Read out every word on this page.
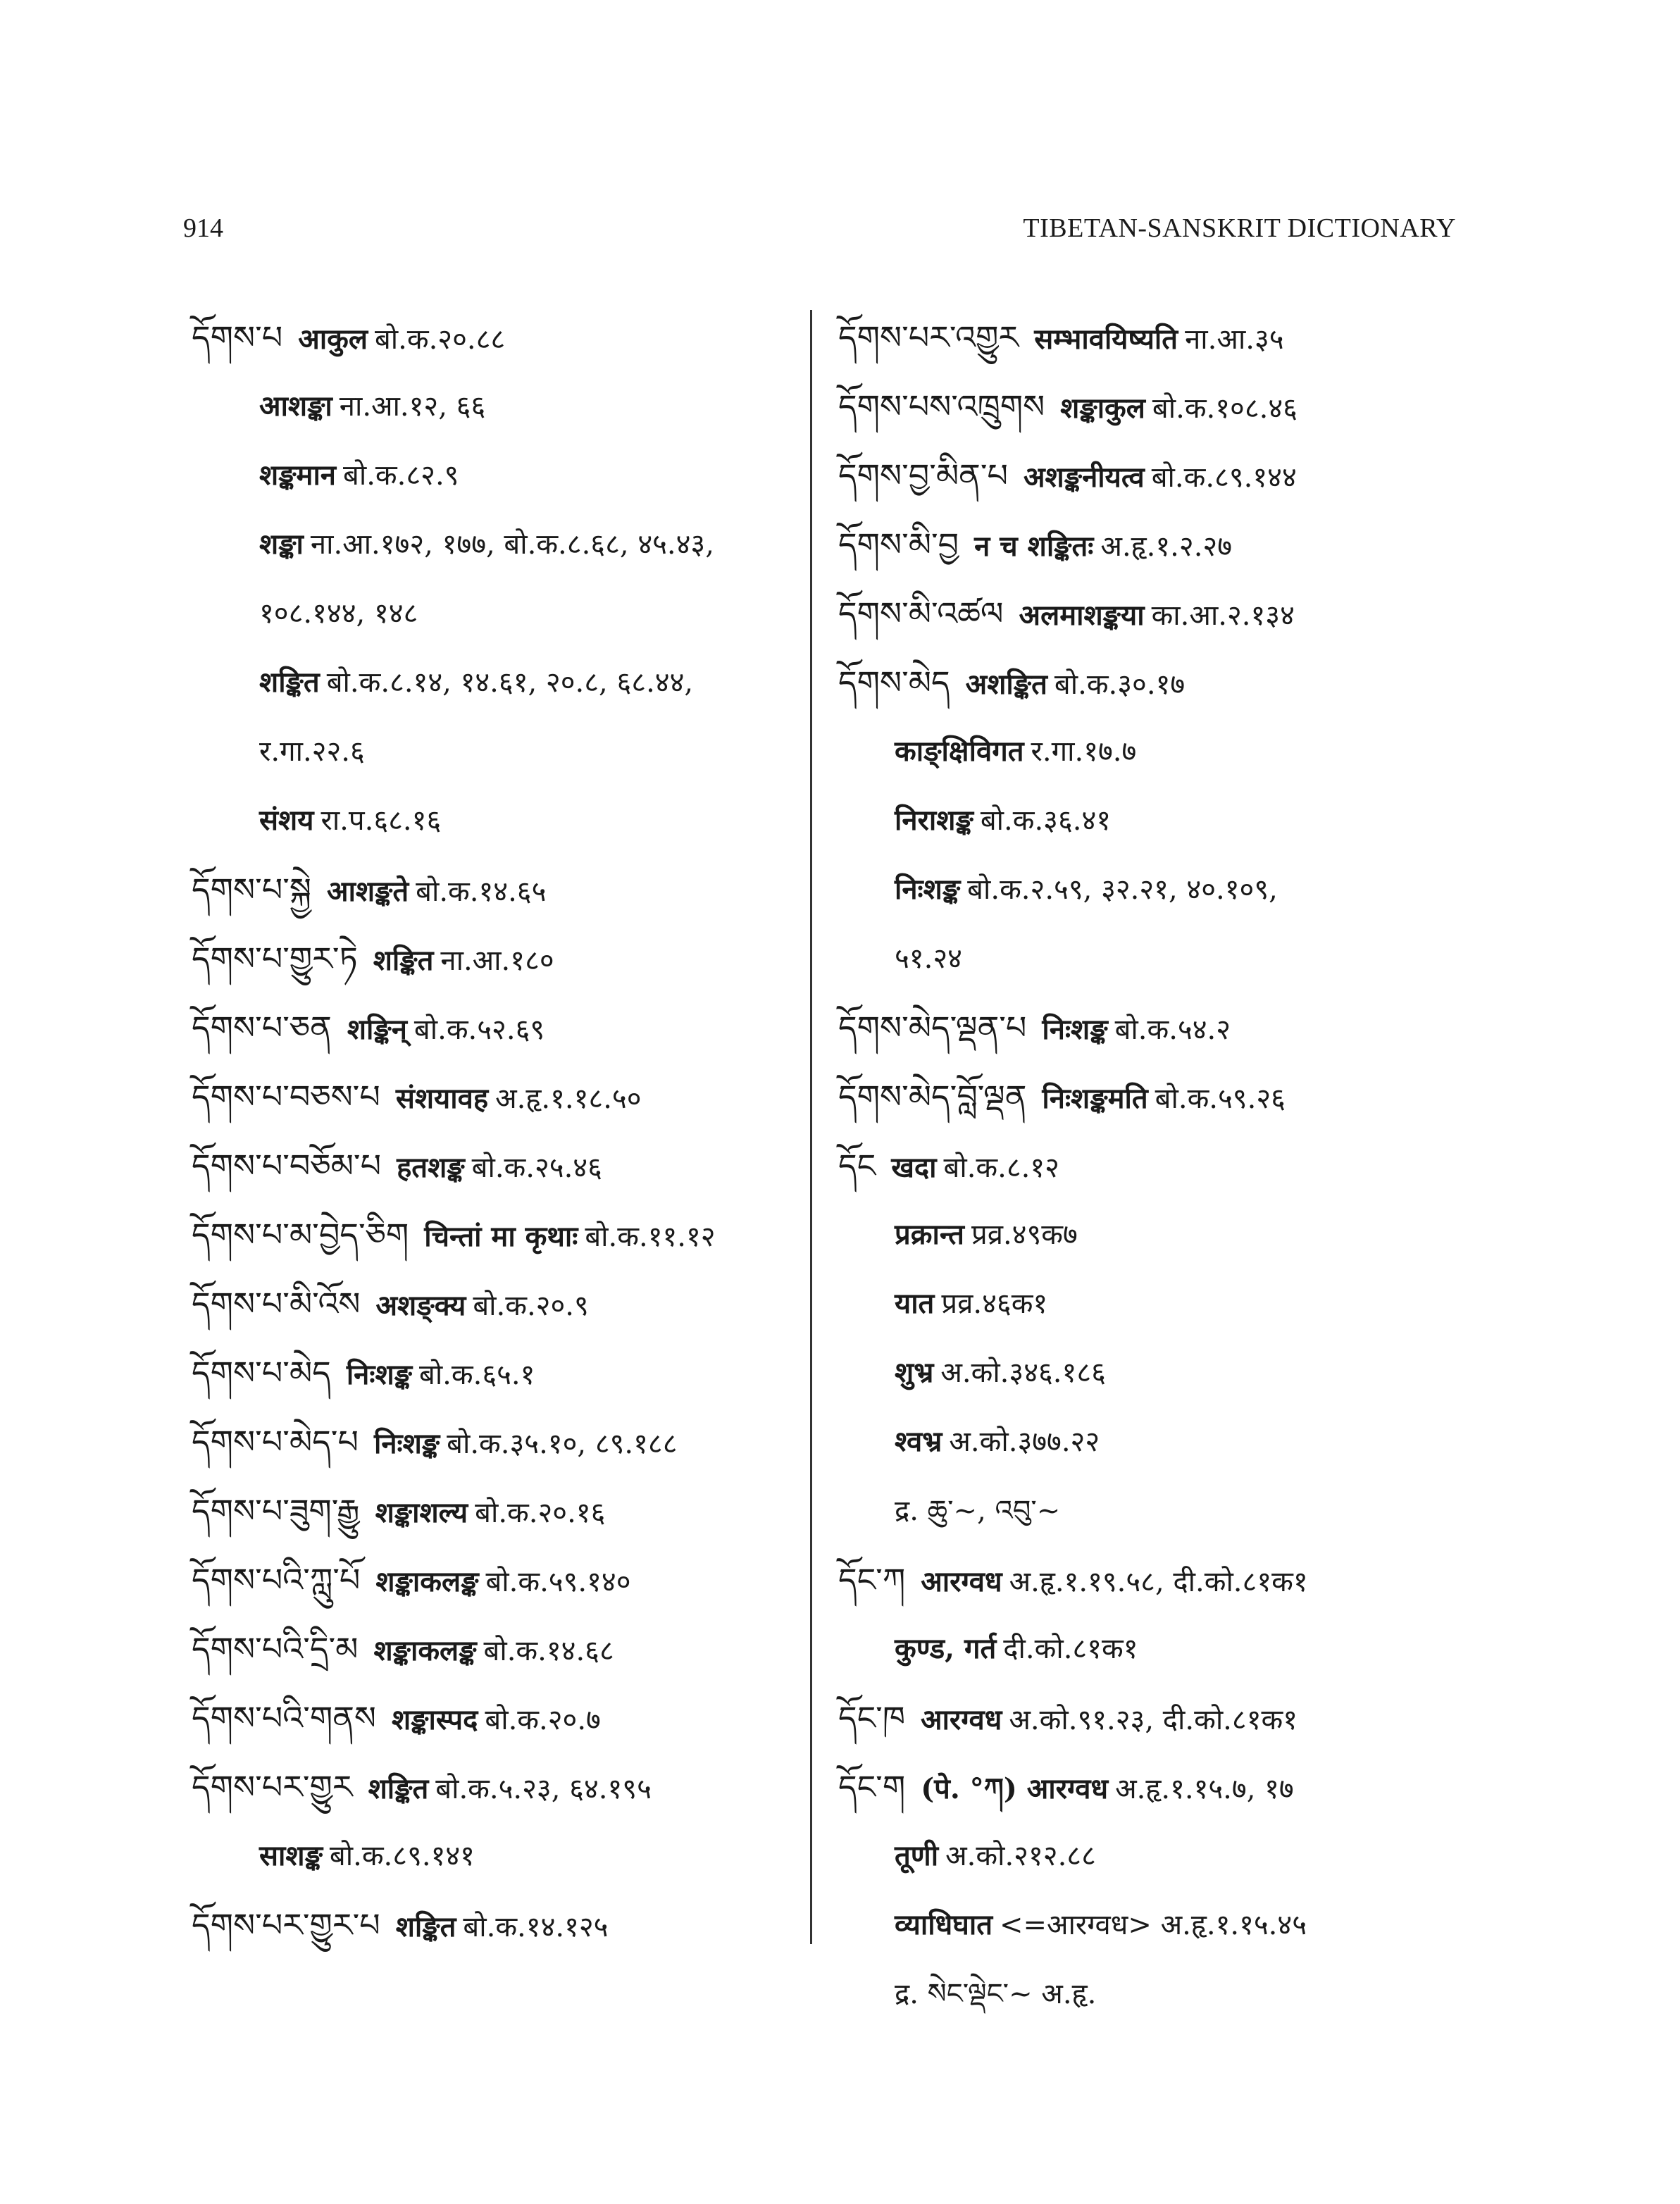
914	TIBETAN-SANSKRIT DICTIONARY
དོགས་པ आकुल बो.क.२०.८८
आशङ्का ना.आ.१२, ६६
शङ्कमान बो.क.८२.९
शङ्का ना.आ.१७२, १७७, बो.क.८.६८, ४५.४३,
१०८.१४४, १४८
शङ्कित बो.क.८.१४, १४.६१, २०.८, ६८.४४,
र.गा.२२.६
संशय रा.प.६८.१६
དོགས་པ་སྐྱེ आशङ्कते बो.क.१४.६५
དོགས་པ་གྱུར་ཏེ शङ्कित ना.आ.१८०
དོགས་པ་ཅན शङ्किन् बो.क.५२.६९
དོགས་པ་བཅས་པ संशयावह अ.हृ.१.१८.५०
དོགས་པ་བཅོམ་པ हतशङ्क बो.क.२५.४६
དོགས་པ་མ་བྱེད་ཅིག चिन्तां मा कृथाः बो.क.११.१२
དོགས་པ་མི་འོས अशङ्क्य बो.क.२०.९
དོགས་པ་མེད निःशङ्क बो.क.६५.१
དོགས་པ་མེད་པ निःशङ्क बो.क.३५.१०, ८९.१८८
དོགས་པ་ཟུག་རྒྱུ शङ्काशल्य बो.क.२०.१६
དོགས་པའི་ཀླུ་པོ शङ्काकलङ्क बो.क.५९.१४०
དོགས་པའི་དྲི་མ शङ्काकलङ्क बो.क.१४.६८
དོགས་པའི་གནས शङ्कास्पद बो.क.२०.७
དོགས་པར་གྱུར शङ्कित बो.क.५.२३, ६४.१९५
साशङ्क बो.क.८९.१४१
དོགས་པར་གྱུར་པ शङ्कित बो.क.१४.१२५
དོགས་པར་འགྱུར सम्भावयिष्यति ना.आ.३५
དོགས་པས་འཁྲུགས शङ्काकुल बो.क.१०८.४६
དོགས་བྱ་མིན་པ अशङ्कनीयत्व बो.क.८९.१४४
དོགས་མི་བྱ न च शङ्कितः अ.हृ.१.२.२७
དོགས་མི་འཚལ अलमाशङ्कया का.आ.२.१३४
དོགས་མེད अशङ्कित बो.क.३०.१७
काङ्क्षिविगत र.गा.१७.७
निराशङ्क बो.क.३६.४१
निःशङ्क बो.क.२.५९, ३२.२१, ४०.१०९,
५१.२४
དོགས་མེད་ལྡན་པ निःशङ्क बो.क.५४.२
དོགས་མེད་བློ་ལྡན निःशङ्कमति बो.क.५९.२६
དོང खदा बो.क.८.१२
प्रक्रान्त प्रव्र.४९क७
यात प्रव्र.४६क१
शुभ्र अ.को.३४६.१८६
श्वभ्र अ.को.३७७.२२
द्र. ཆུ་~, འབུ་~
དོང་ཀ आरग्वध अ.हृ.१.१९.५८, दी.को.८१क१
कुण्ड, गर्त दी.को.८१क१
དོང་ཁ आरग्वध अ.को.९१.२३, दी.को.८१क१
དོང་ག (पे. °ཀ) आरग्वध अ.हृ.१.१५.७, १७
तूणी अ.को.२१२.८८
व्याधिघात <=आरग्वध> अ.हृ.१.१५.४५
द्र. སེང་ལྡེང་~ अ.हृ.
